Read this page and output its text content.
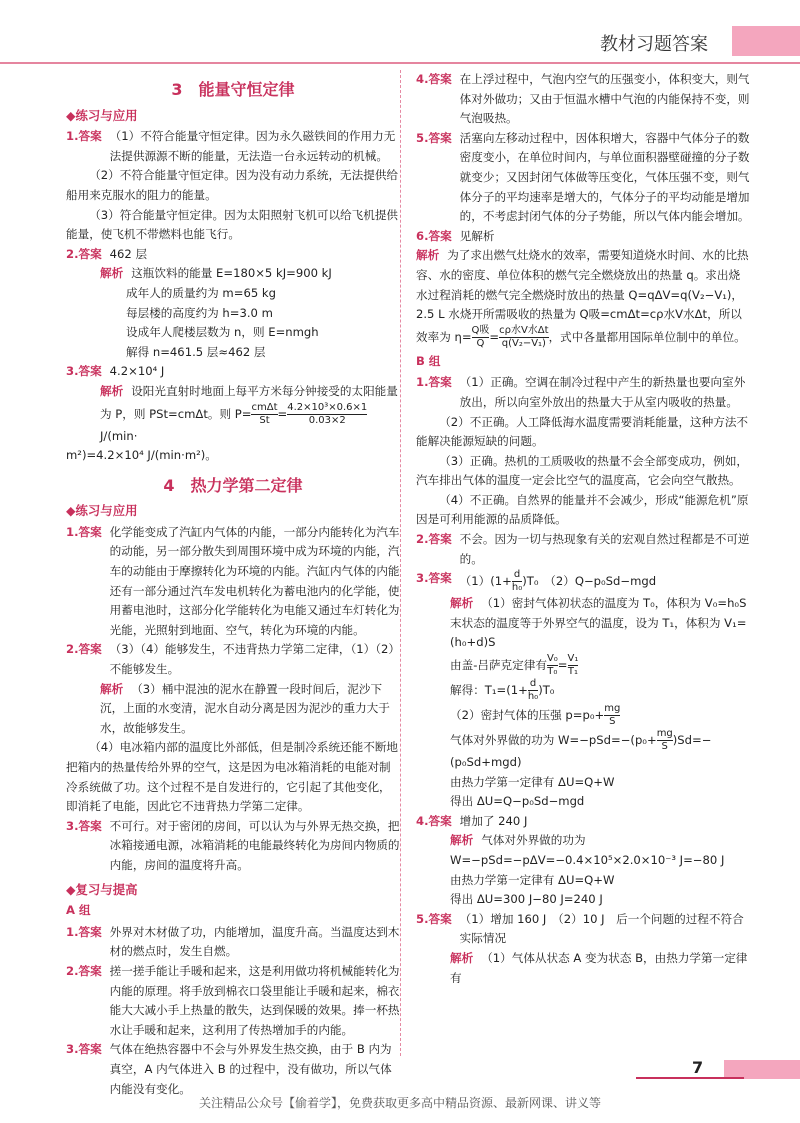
教材习题答案
3　能量守恒定律
◆练习与应用
1.答案 （1）不符合能量守恒定律。因为永久磁铁间的作用力无法提供源源不断的能量，无法造一台永远转动的机械。

（2）不符合能量守恒定律。因为没有动力系统，无法提供给船用来克服水的阻力的能量。

（3）符合能量守恒定律。因为太阳照射飞机可以给飞机提供能量，使飞机不带燃料也能飞行。

2.答案 462 层
解析 这瓶饮料的能量 E=180×5 kJ=900 kJ

成年人的质量约为 m=65 kg

每层楼的高度约为 h=3.0 m

设成年人爬楼层数为 n，则 E=nmgh

解得 n=461.5 层≈462 层

3.答案 4.2×10⁴ J
解析 设阳光直射时地面上每平方米每分钟接受的太阳能量为 P，则 PSt=cmΔt。则 $P= \frac{\text{cmΔt}}{St} = \frac{\text{4.2×10³×0.6×1}}{0.03\times 2}$
J/(min·

m²)=4.2×10⁴ J/(min·m²)。

4　热力学第二定律
◆练习与应用
1.答案 化学能变成了汽缸内气体的内能，一部分内能转化为汽车的动能，另一部分散失到周围环境中成为环境的内能，汽车的动能由于摩擦转化为环境的内能。汽缸内气体的内能还有一部分通过汽车发电机转化为蓄电池内的化学能，使用蓄电池时，这部分化学能转化为电能又通过车灯转化为光能，光照射到地面、空气，转化为环境的内能。
2.答案 （3）（4）能够发生，不违背热力学第二定律，（1）（2）不能够发生。
解析 （3）桶中混浊的泥水在静置一段时间后，泥沙下沉，上面的水变清，泥水自动分离是因为泥沙的重力大于水，故能够发生。

（4）电冰箱内部的温度比外部低，但是制冷系统还能不断地把箱内的热量传给外界的空气，这是因为电冰箱消耗的电能对制冷系统做了功。这个过程不是自发进行的，它引起了其他变化，即消耗了电能，因此它不违背热力学第二定律。

3.答案 不可行。对于密闭的房间，可以认为与外界无热交换，把冰箱接通电源，冰箱消耗的电能最终转化为房间内物质的内能，房间的温度将升高。
◆复习与提高
A 组
1.答案 外界对木材做了功，内能增加，温度升高。当温度达到木材的燃点时，发生自燃。
2.答案 搓一搓手能让手暖和起来，这是利用做功将机械能转化为内能的原理。将手放到棉衣口袋里能让手暖和起来，棉衣能大大减小手上热量的散失，达到保暖的效果。捧一杯热水让手暖和起来，这利用了传热增加手的内能。
3.答案 气体在绝热容器中不会与外界发生热交换，由于 B 内为真空，A 内气体进入 B 的过程中，没有做功，所以气体内能没有变化。
4.答案 在上浮过程中，气泡内空气的压强变小，体积变大，则气体对外做功；又由于恒温水槽中气泡的内能保持不变，则气泡吸热。
5.答案 活塞向左移动过程中，因体积增大，容器中气体分子的数密度变小，在单位时间内，与单位面积器壁碰撞的分子数就变少；又因封闭气体做等压变化，气体压强不变，则气体分子的平均速率是增大的，气体分子的平均动能是增加的，不考虑封闭气体的分子势能，所以气体内能会增加。
6.答案 见解析
解析 为了求出燃气灶烧水的效率，需要知道烧水时间、水的比热容、水的密度、单位体积的燃气完全燃烧放出的热量 q。求出烧水过程消耗的燃气完全燃烧时放出的热量 Q=qΔV=q(V₂−V₁)，2.5 L 水烧开所需吸收的热量为 Q吸=cmΔt=cρ水V水Δt，所以效率为 $\eta= \frac{\text{Q吸}}{Q} = \frac{\text{cρ水V水Δt}}{\text{q(V₂−V₁)}}$ ，式中各量都用国际单位制中的单位。
B 组
1.答案 （1）正确。空调在制冷过程中产生的新热量也要向室外放出，所以向室外放出的热量大于从室内吸收的热量。

（2）不正确。人工降低海水温度需要消耗能量，这种方法不能解决能源短缺的问题。

（3）正确。热机的工质吸收的热量不会全部变成功，例如，汽车排出气体的温度一定会比空气的温度高，它会向空气散热。

（4）不正确。自然界的能量并不会减少，形成“能源危机”原因是可利用能源的品质降低。

2.答案 不会。因为一切与热现象有关的宏观自然过程都是不可逆的。
3.答案 $(1)(1+ \frac{d}{\text{h₀}} )T_0$　（2）Q−p₀Sd−mgd
解析 （1）密封气体初状态的温度为 T₀，体积为 V₀=h₀S

末状态的温度等于外界空气的温度，设为 T₁，体积为 V₁=(h₀+d)S

由盖-吕萨克定律有 $\frac{\text{V₀}}{\text{T₀}} = \frac{\text{V₁}}{\text{T₁}}$

解得：$T_1=(1+ \frac{d}{\text{h₀}} )T_0$

（2）密封气体的压强 $p=p_0+ \frac{mg}{S}$

气体对外界做的功为 $W=-pSd=-(p_0+ \frac{mg}{S} )Sd=-(p_0Sd+mgd)$

由热力学第一定律有 ΔU=Q+W

得出 ΔU=Q−p₀Sd−mgd

4.答案 增加了 240 J
解析 气体对外界做的功为 W=−pSd=−pΔV=−0.4×10⁵×2.0×10⁻³ J=−80 J

由热力学第一定律有 ΔU=Q+W

得出 ΔU=300 J−80 J=240 J

5.答案 （1）增加 160 J　（2）10 J　后一个问题的过程不符合实际情况
解析 （1）气体从状态 A 变为状态 B，由热力学第一定律有
7
关注精品公众号【偷着学】，免费获取更多高中精品资源、最新网课、讲义等
